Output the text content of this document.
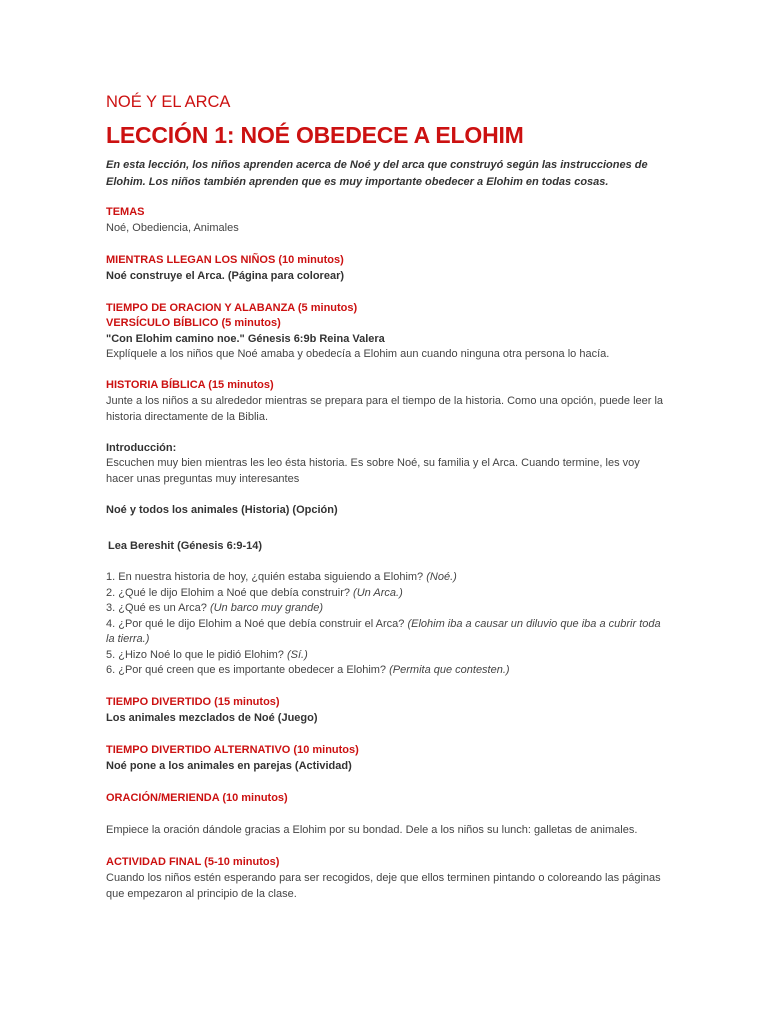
NOÉ Y EL ARCA
LECCIÓN 1: NOÉ OBEDECE A ELOHIM
En esta lección, los niños aprenden acerca de Noé y del arca que construyó según las instrucciones de Elohim. Los niños también aprenden que es muy importante obedecer a Elohim en todas cosas.
TEMAS
Noé, Obediencia, Animales
MIENTRAS LLEGAN LOS NIÑOS (10 minutos)
Noé construye el Arca. (Página para colorear)
TIEMPO DE ORACION Y ALABANZA (5 minutos)
VERSÍCULO BÍBLICO (5 minutos)
"Con Elohim camino noe." Génesis 6:9b Reina Valera
Explíquele a los niños que Noé amaba y obedecía a Elohim aun cuando ninguna otra persona lo hacía.
HISTORIA BÍBLICA (15 minutos)
Junte a los niños a su alrededor mientras se prepara para el tiempo de la historia. Como una opción, puede leer la historia directamente de la Biblia.
Introducción:
Escuchen muy bien mientras les leo ésta historia. Es sobre Noé, su familia y el Arca. Cuando termine, les voy hacer unas preguntas muy interesantes
Noé y todos los animales (Historia) (Opción)
Lea Bereshit (Génesis 6:9-14)
1. En nuestra historia de hoy, ¿quién estaba siguiendo a Elohim? (Noé.)
2. ¿Qué le dijo Elohim a Noé que debía construir? (Un Arca.)
3. ¿Qué es un Arca? (Un barco muy grande)
4. ¿Por qué le dijo Elohim a Noé que debía construir el Arca? (Elohim iba a causar un diluvio que iba a cubrir toda la tierra.)
5. ¿Hizo Noé lo que le pidió Elohim? (Sí.)
6. ¿Por qué creen que es importante obedecer a Elohim? (Permita que contesten.)
TIEMPO DIVERTIDO (15 minutos)
Los animales mezclados de Noé (Juego)
TIEMPO DIVERTIDO ALTERNATIVO (10 minutos)
Noé pone a los animales en parejas (Actividad)
ORACIÓN/MERIENDA (10 minutos)
Empiece la oración dándole gracias a Elohim por su bondad. Dele a los niños su lunch: galletas de animales.
ACTIVIDAD FINAL (5-10 minutos)
Cuando los niños estén esperando para ser recogidos, deje que ellos terminen pintando o coloreando las páginas que empezaron al principio de la clase.
